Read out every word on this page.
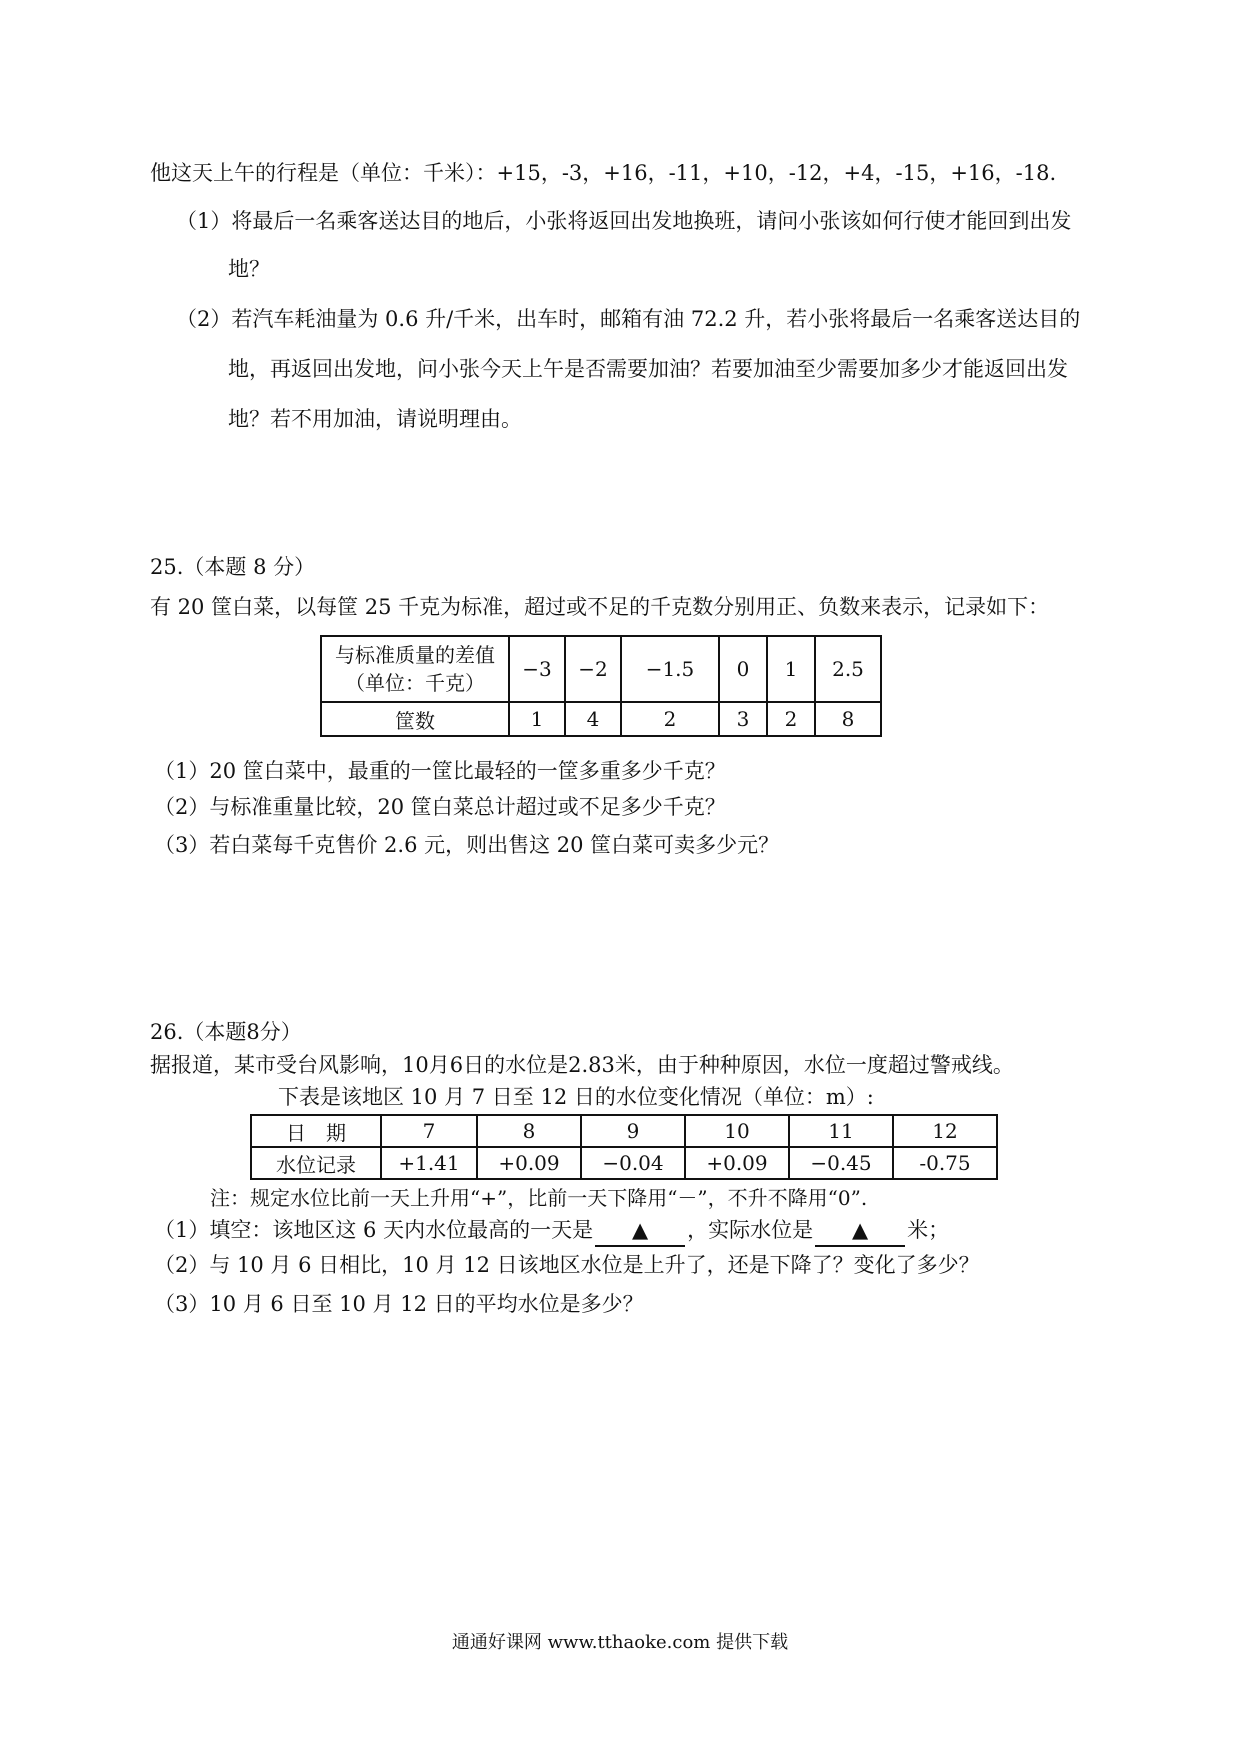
他这天上午的行程是（单位：千米）：+15，-3，+16，-11，+10，-12，+4，-15，+16，-18.
（1）将最后一名乘客送达目的地后，小张将返回出发地换班，请问小张该如何行使才能回到出发
地？
（2）若汽车耗油量为 0.6 升/千米，出车时，邮箱有油 72.2 升，若小张将最后一名乘客送达目的
地，再返回出发地，问小张今天上午是否需要加油？若要加油至少需要加多少才能返回出发
地？若不用加油，请说明理由。
25.（本题 8 分）
有 20 筐白菜，以每筐 25 千克为标准，超过或不足的千克数分别用正、负数来表示，记录如下：
与标准质量的差值
（单位：千克）	−3	−2	−1.5	0	1	2.5
筐数	1	4	2	3	2	8
（1）20 筐白菜中，最重的一筐比最轻的一筐多重多少千克？
（2）与标准重量比较，20 筐白菜总计超过或不足多少千克？
（3）若白菜每千克售价 2.6 元，则出售这 20 筐白菜可卖多少元？
26.（本题8分）
据报道，某市受台风影响，10月6日的水位是2.83米，由于种种原因，水位一度超过警戒线。
下表是该地区 10 月 7 日至 12 日的水位变化情况（单位：m）:
日　期	7	8	9	10	11	12
水位记录	+1.41	+0.09	−0.04	+0.09	−0.45	-0.75
注：规定水位比前一天上升用“+”，比前一天下降用“－”，不升不降用“0”.
（1）填空：该地区这 6 天内水位最高的一天是 ▲ ，实际水位是 ▲ 米；
（2）与 10 月 6 日相比，10 月 12 日该地区水位是上升了，还是下降了？变化了多少？
（3）10 月 6 日至 10 月 12 日的平均水位是多少？
通通好课网 www.tthaoke.com 提供下载
